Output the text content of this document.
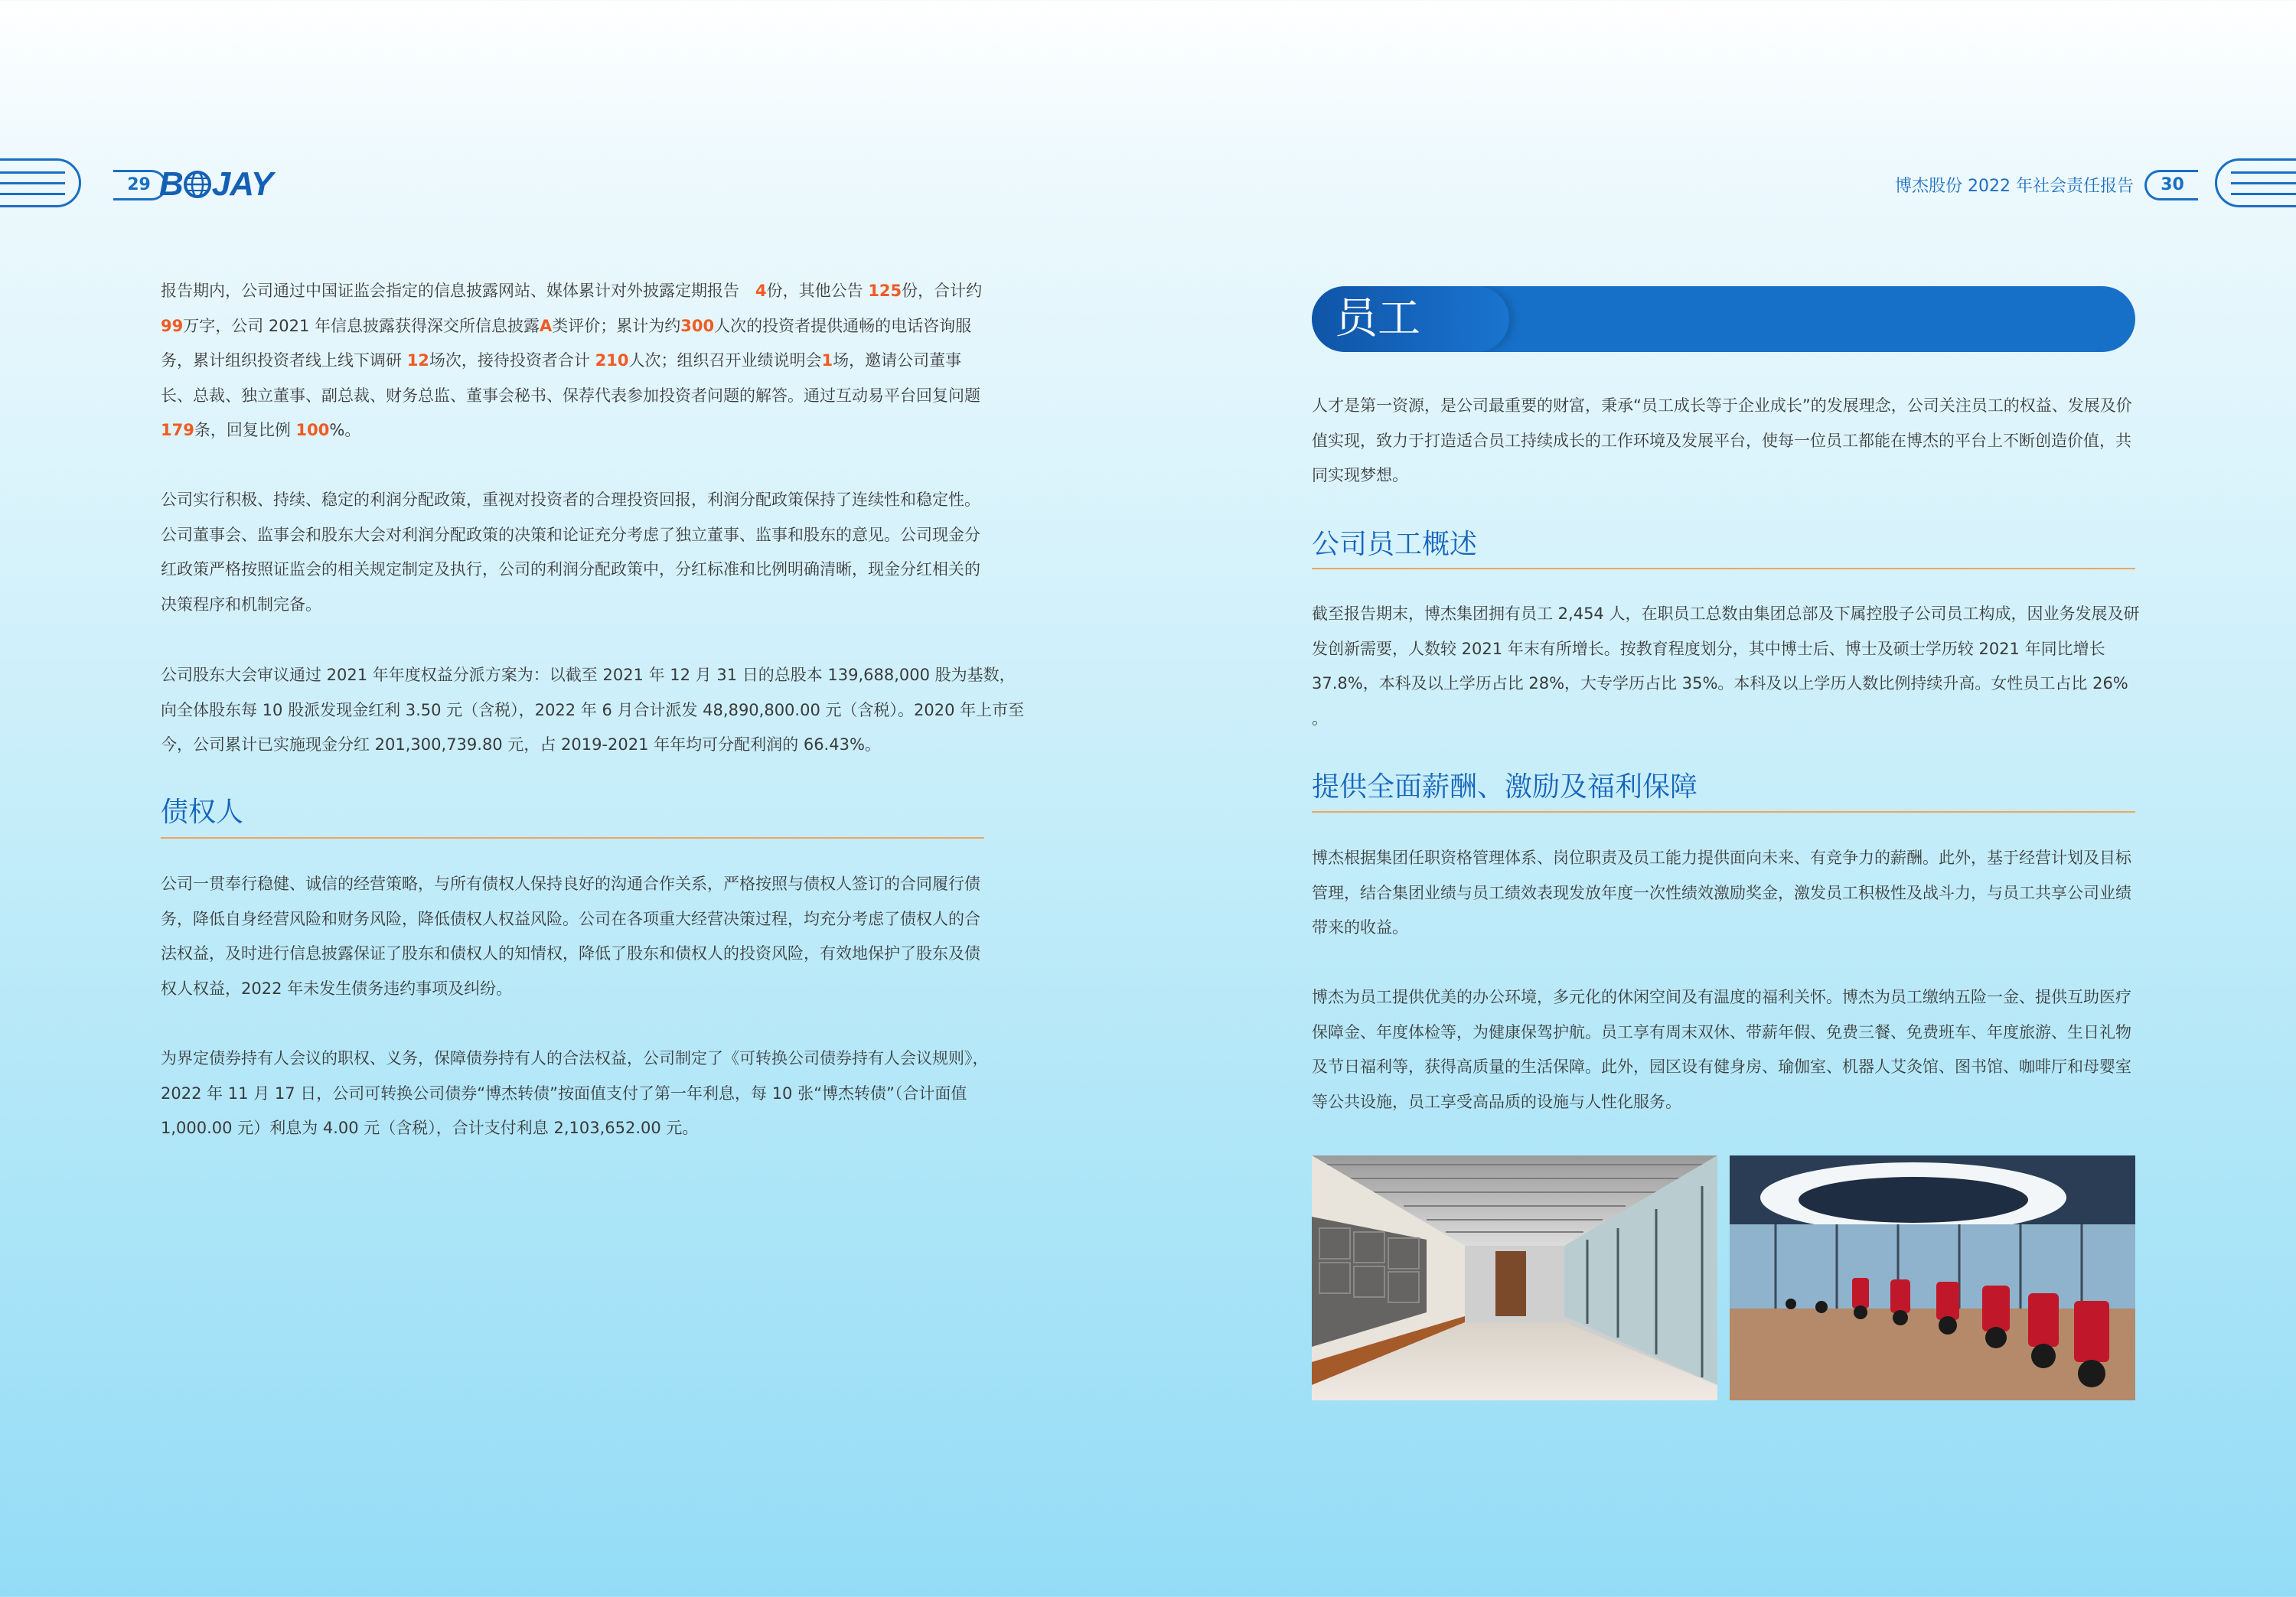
29 B JAY	博杰股份 2022 年社会责任报告	30
报告期内，公司通过中国证监会指定的信息披露网站、媒体累计对外披露定期报告　4份，其他公告 125份，合计约99万字，公司 2021 年信息披露获得深交所信息披露A类评价；累计为约300人次的投资者提供通畅的电话咨询服务，累计组织投资者线上线下调研 12场次，接待投资者合计 210人次；组织召开业绩说明会1场，邀请公司董事长、总裁、独立董事、副总裁、财务总监、董事会秘书、保荐代表参加投资者问题的解答。通过互动易平台回复问题179条，回复比例 100%。
公司实行积极、持续、稳定的利润分配政策，重视对投资者的合理投资回报，利润分配政策保持了连续性和稳定性。公司董事会、监事会和股东大会对利润分配政策的决策和论证充分考虑了独立董事、监事和股东的意见。公司现金分红政策严格按照证监会的相关规定制定及执行，公司的利润分配政策中，分红标准和比例明确清晰，现金分红相关的决策程序和机制完备。
公司股东大会审议通过 2021 年年度权益分派方案为：以截至 2021 年 12 月 31 日的总股本 139,688,000 股为基数，向全体股东每 10 股派发现金红利 3.50 元（含税），2022 年 6 月合计派发 48,890,800.00 元（含税）。2020 年上市至今，公司累计已实施现金分红 201,300,739.80 元，占 2019-2021 年年均可分配利润的 66.43%。
债权人
公司一贯奉行稳健、诚信的经营策略，与所有债权人保持良好的沟通合作关系，严格按照与债权人签订的合同履行债务，降低自身经营风险和财务风险，降低债权人权益风险。公司在各项重大经营决策过程，均充分考虑了债权人的合法权益，及时进行信息披露保证了股东和债权人的知情权，降低了股东和债权人的投资风险，有效地保护了股东及债权人权益，2022 年未发生债务违约事项及纠纷。
为界定债券持有人会议的职权、义务，保障债券持有人的合法权益，公司制定了《可转换公司债券持有人会议规则》，2022 年 11 月 17 日，公司可转换公司债券“博杰转债”按面值支付了第一年利息，每 10 张“博杰转债”（合计面值 1,000.00 元）利息为 4.00 元（含税），合计支付利息 2,103,652.00 元。
员工
人才是第一资源，是公司最重要的财富，秉承“员工成长等于企业成长”的发展理念，公司关注员工的权益、发展及价值实现，致力于打造适合员工持续成长的工作环境及发展平台，使每一位员工都能在博杰的平台上不断创造价值，共同实现梦想。
公司员工概述
截至报告期末，博杰集团拥有员工 2,454 人，在职员工总数由集团总部及下属控股子公司员工构成，因业务发展及研发创新需要，人数较 2021 年末有所增长。按教育程度划分，其中博士后、博士及硕士学历较 2021 年同比增长 37.8%，本科及以上学历占比 28%，大专学历占比 35%。本科及以上学历人数比例持续升高。女性员工占比 26% 。
提供全面薪酬、激励及福利保障
博杰根据集团任职资格管理体系、岗位职责及员工能力提供面向未来、有竞争力的薪酬。此外，基于经营计划及目标管理，结合集团业绩与员工绩效表现发放年度一次性绩效激励奖金，激发员工积极性及战斗力，与员工共享公司业绩带来的收益。
博杰为员工提供优美的办公环境，多元化的休闲空间及有温度的福利关怀。博杰为员工缴纳五险一金、提供互助医疗保障金、年度体检等，为健康保驾护航。员工享有周末双休、带薪年假、免费三餐、免费班车、年度旅游、生日礼物及节日福利等，获得高质量的生活保障。此外，园区设有健身房、瑜伽室、机器人艾灸馆、图书馆、咖啡厅和母婴室等公共设施，员工享受高品质的设施与人性化服务。
